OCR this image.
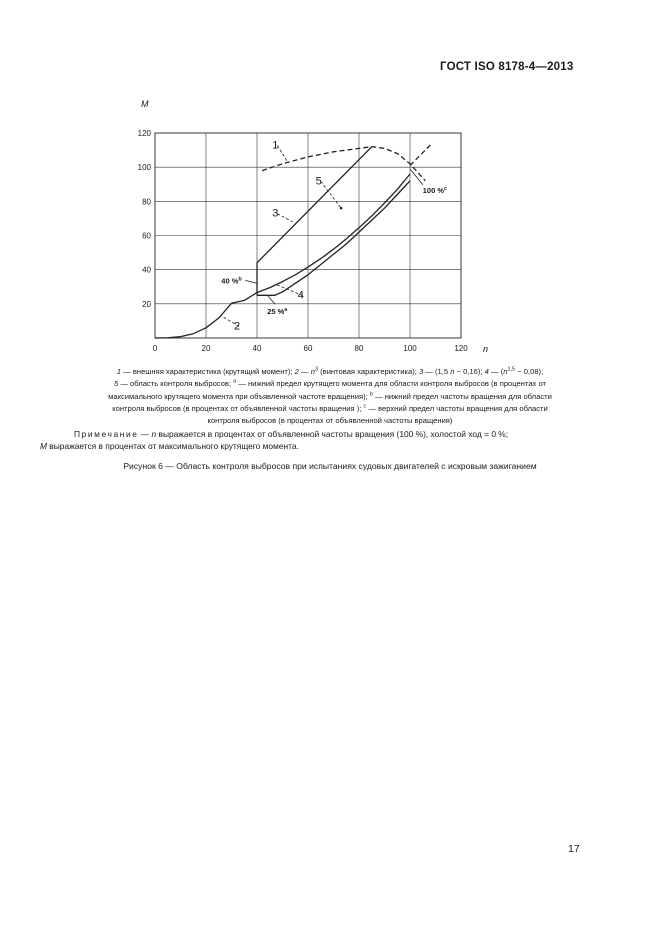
ГОСТ ISO 8178-4—2013
1
2
3
4
5
40 %$^b$
25 %$^a$
100 %$^c$
n
M
0	20	40	60	80	100	120
20
40
60
80
100
120
1 — внешняя характеристика (крутящий момент); 2 — $n^3$ (винтовая характеристика); 3 — (1,5 n − 0,16); 4 — $(n^{1,5} - 0,08)$;
5 — область контроля выбросов; $^a$ — нижний предел крутящего момента для области контроля выбросов (в процентах от
максимального крутящего момента при объявленной частоте вращения); $^b$ — нижний предел частоты вращения для области
контроля выбросов (в процентах от объявленной частоты вращения ); $^c$ — верхний предел частоты вращения для области
контроля выбросов (в процентах от объявленной частоты вращения)
Примечание — n выражается в процентах от объявленной частоты вращения (100 %), холостой ход = 0 %;
M выражается в процентах от максимального крутящего момента.
Рисунок 6 — Область контроля выбросов при испытаниях судовых двигателей с искровым зажиганием
17
